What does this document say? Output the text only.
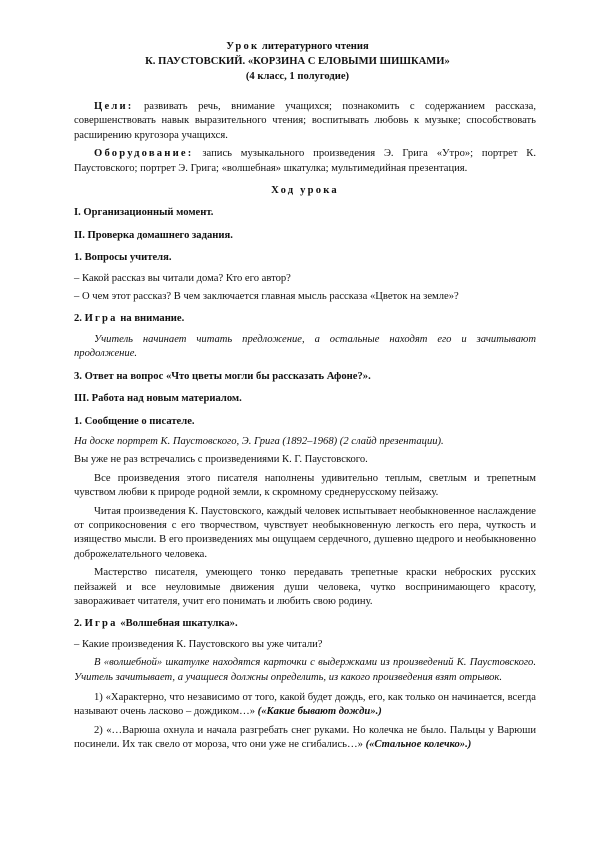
Урок литературного чтения
К. ПАУСТОВСКИЙ. «КОРЗИНА С ЕЛОВЫМИ ШИШКАМИ»
(4 класс, 1 полугодие)

Цели: развивать речь, внимание учащихся; познакомить с содержанием рассказа, совершенствовать навык выразительного чтения; воспитывать любовь к музыке; способствовать расширению кругозора учащихся.

Оборудование: запись музыкального произведения Э. Грига «Утро»; портрет К. Паустовского; портрет Э. Грига; «волшебная» шкатулка; мультимедийная презентация.

Ход урока

I. Организационный момент.

II. Проверка домашнего задания.

1. Вопросы учителя.

– Какой рассказ вы читали дома? Кто его автор?

– О чем этот рассказ? В чем заключается главная мысль рассказа «Цветок на земле»?

2. Игра на внимание.

Учитель начинает читать предложение, а остальные находят его и зачитывают продолжение.

3. Ответ на вопрос «Что цветы могли бы рассказать Афоне?».

III. Работа над новым материалом.

1. Сообщение о писателе.

На доске портрет К. Паустовского, Э. Грига (1892–1968) (2 слайд презентации).

Вы уже не раз встречались с произведениями К. Г. Паустовского.

Все произведения этого писателя наполнены удивительно теплым, светлым и трепетным чувством любви к природе родной земли, к скромному среднерусскому пейзажу.

Читая произведения К. Паустовского, каждый человек испытывает необыкновенное наслаждение от соприкосновения с его творчеством, чувствует необыкновенную легкость его пера, чуткость и изящество мысли. В его произведениях мы ощущаем сердечного, душевно щедрого и необыкновенно доброжелательного человека.

Мастерство писателя, умеющего тонко передавать трепетные краски неброских русских пейзажей и все неуловимые движения души человека, чутко воспринимающего красоту, завораживает читателя, учит его понимать и любить свою родину.

2. Игра «Волшебная шкатулка».

– Какие произведения К. Паустовского вы уже читали?

В «волшебной» шкатулке находятся карточки с выдержками из произведений К. Паустовского. Учитель зачитывает, а учащиеся должны определить, из какого произведения взят отрывок.

1) «Характерно, что независимо от того, какой будет дождь, его, как только он начинается, всегда называют очень ласково – дождиком…» («Какие бывают дожди».)

2) «…Варюша охнула и начала разгребать снег руками. Но колечка не было. Пальцы у Варюши посинели. Их так свело от мороза, что они уже не сгибались…» («Стальное колечко».)
